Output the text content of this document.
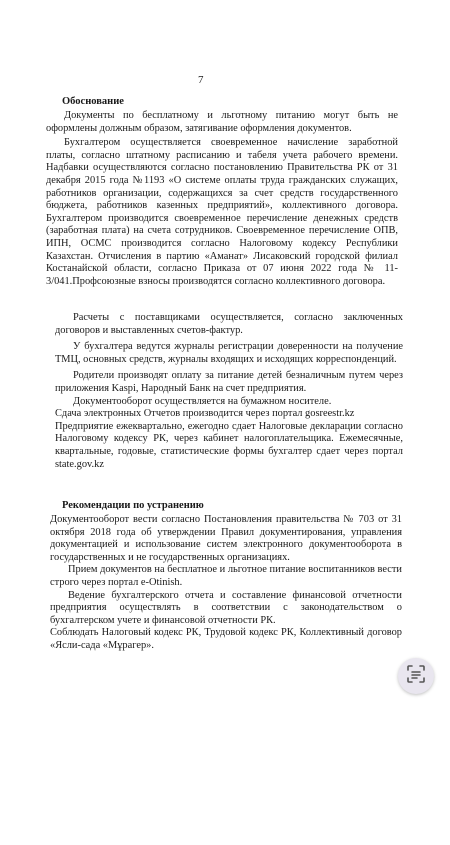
7
Обоснование

Документы по бесплатному и льготному питанию могут быть не оформлены должным образом, затягивание оформления документов.

Бухгалтером осуществляется своевременное начисление заработной платы, согласно штатному расписанию и табеля учета рабочего времени. Надбавки осуществляются согласно постановлению Правительства РК от 31 декабря 2015 года №1193 «О системе оплаты труда гражданских служащих, работников организации, содержащихся за счет средств государственного бюджета, работников казенных предприятий», коллективного договора. Бухгалтером производится своевременное перечисление денежных средств (заработная плата) на счета сотрудников. Своевременное перечисление ОПВ, ИПН, ОСМС производится согласно Налоговому кодексу Республики Казахстан. Отчисления в партию «Аманат» Лисаковский городской филиал Костанайской области, согласно Приказа от 07 июня 2022 года № 11-3/041.Профсоюзные взносы производятся согласно коллективного договора.

Расчеты с поставщиками осуществляется, согласно заключенных договоров и выставленных счетов-фактур.

У бухгалтера ведутся журналы регистрации доверенности на получение ТМЦ, основных средств, журналы входящих и исходящих корреспонденций.

Родители производят оплату за питание детей безналичным путем через приложения Kaspi, Народный Банк на счет предприятия.

Документооборот осуществляется на бумажном носителе.

Сдача электронных Отчетов производится через портал gosreestr.kz

Предприятие ежеквартально, ежегодно сдает Налоговые декларации согласно Налоговому кодексу РК, через кабинет налогоплательщика. Ежемесячные, квартальные, годовые, статистические формы бухгалтер сдает через портал state.gov.kz

Рекомендации по устранению

Документооборот вести согласно Постановления правительства № 703 от 31 октября 2018 года об утверждении Правил документирования, управления документацией и использование систем электронного документооборота в государственных и не государственных организациях.

Прием документов на бесплатное и льготное питание воспитанников вести строго через портал e-Otinish.

Ведение бухгалтерского отчета и составление финансовой отчетности предприятия осуществлять в соответствии с законодательством о бухгалтерском учете и финансовой отчетности РК.

Соблюдать Налоговый кодекс РК, Трудовой кодекс РК, Коллективный договор «Ясли-сада «Мұрагер».
